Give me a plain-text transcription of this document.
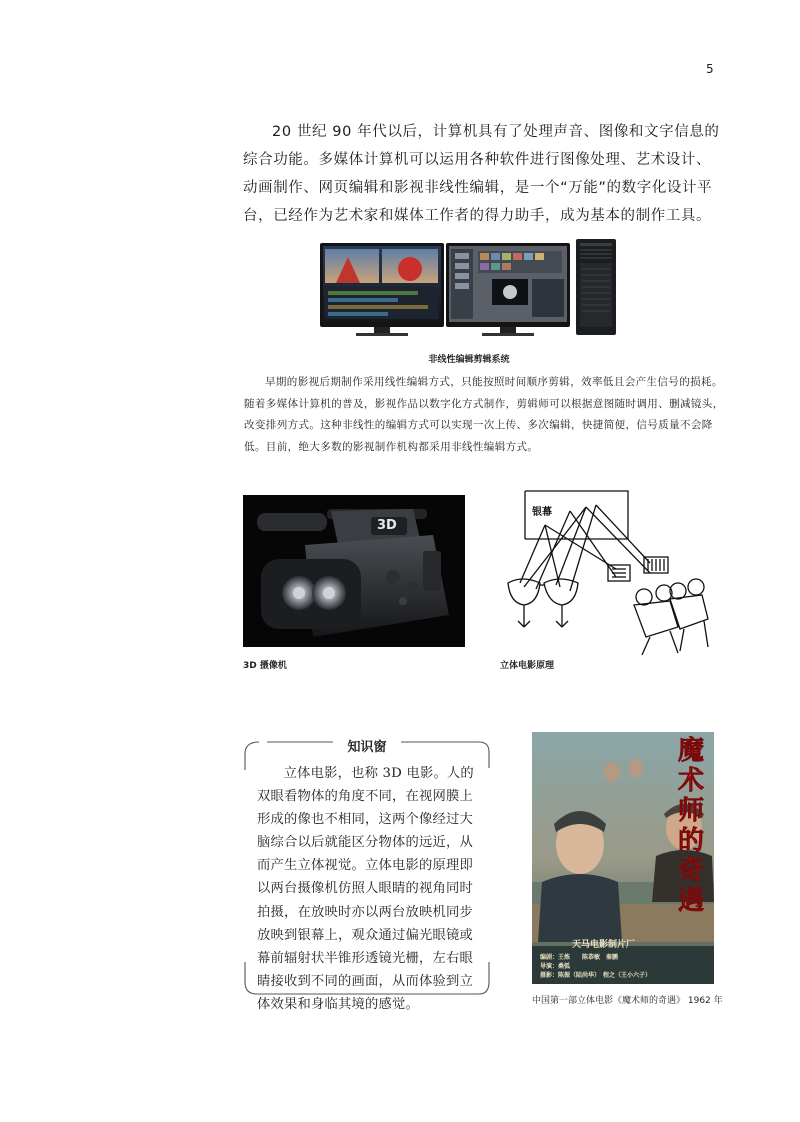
5

20 世纪 90 年代以后，计算机具有了处理声音、图像和文字信息的综合功能。多媒体计算机可以运用各种软件进行图像处理、艺术设计、动画制作、网页编辑和影视非线性编辑，是一个“万能”的数字化设计平台，已经作为艺术家和媒体工作者的得力助手，成为基本的制作工具。

非线性编辑剪辑系统

早期的影视后期制作采用线性编辑方式，只能按照时间顺序剪辑，效率低且会产生信号的损耗。随着多媒体计算机的普及，影视作品以数字化方式制作，剪辑师可以根据意图随时调用、删减镜头，改变排列方式。这种非线性的编辑方式可以实现一次上传、多次编辑，快捷简便，信号质量不会降低。目前，绝大多数的影视制作机构都采用非线性编辑方式。

3D
3D 摄像机
银幕
立体电影原理
知识窗

立体电影，也称 3D 电影。人的双眼看物体的角度不同，在视网膜上形成的像也不相同，这两个像经过大脑综合以后就能区分物体的远近，从而产生立体视觉。立体电影的原理即以两台摄像机仿照人眼睛的视角同时拍摄，在放映时亦以两台放映机同步放映到银幕上，观众通过偏光眼镜或幕前辐射状半锥形透镜光栅，左右眼睛接收到不同的画面，从而体验到立体效果和身临其境的感觉。

魔术师的奇遇
天马电影制片厂
编剧：王炼　　陈恭敏　秦鹏
导演：桑弧
摄影：陈振（陆尚华）　程之（王小六子）
中国第一部立体电影《魔术师的奇遇》 1962 年
